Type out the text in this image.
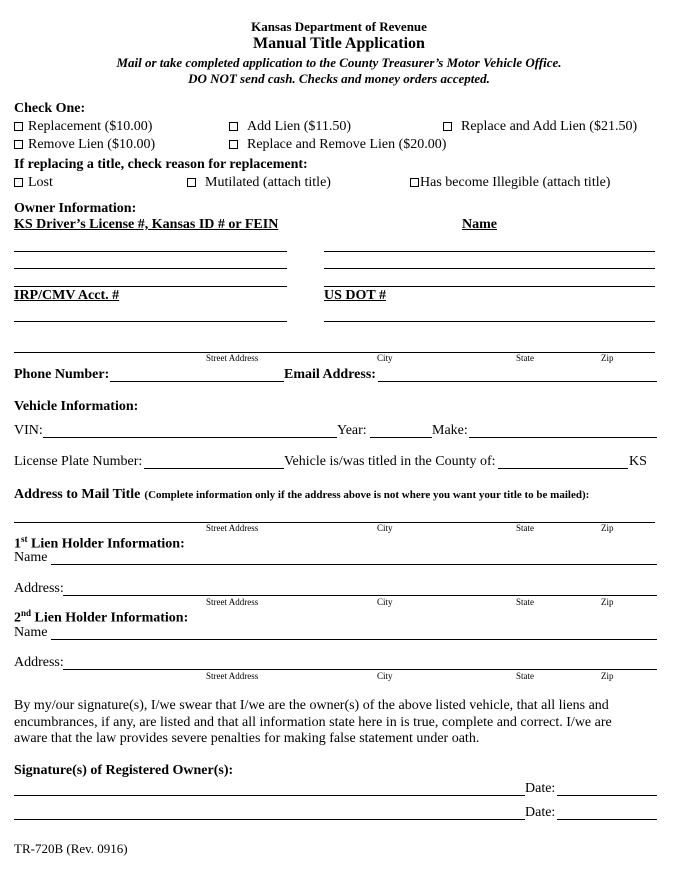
Kansas Department of Revenue
Manual Title Application
Mail or take completed application to the County Treasurer’s Motor Vehicle Office.
DO NOT send cash. Checks and money orders accepted.
Check One:
Replacement ($10.00)	Add Lien ($11.50)	Replace and Add Lien ($21.50)
Remove Lien ($10.00)	Replace and Remove Lien ($20.00)
If replacing a title, check reason for replacement:
Lost	Mutilated (attach title)	Has become Illegible (attach title)
Owner Information:
KS Driver’s License #, Kansas ID # or FEIN	Name
IRP/CMV Acct. #	US DOT #
Street Address	City	State	Zip
Phone Number:	Email Address:
Vehicle Information:
VIN:	Year:	Make:
License Plate Number:	Vehicle is/was titled in the County of:	KS
Address to Mail Title (Complete information only if the address above is not where you want your title to be mailed):
Street Address	City	State	Zip
1st Lien Holder Information:
Name
Address:
Street Address	City	State	Zip
2nd Lien Holder Information:
Name
Address:
Street Address	City	State	Zip
By my/our signature(s), I/we swear that I/we are the owner(s) of the above listed vehicle, that all liens and
encumbrances, if any, are listed and that all information state here in is true, complete and correct. I/we are
aware that the law provides severe penalties for making false statement under oath.
Signature(s) of Registered Owner(s):
Date:
Date:
TR-720B (Rev. 0916)
